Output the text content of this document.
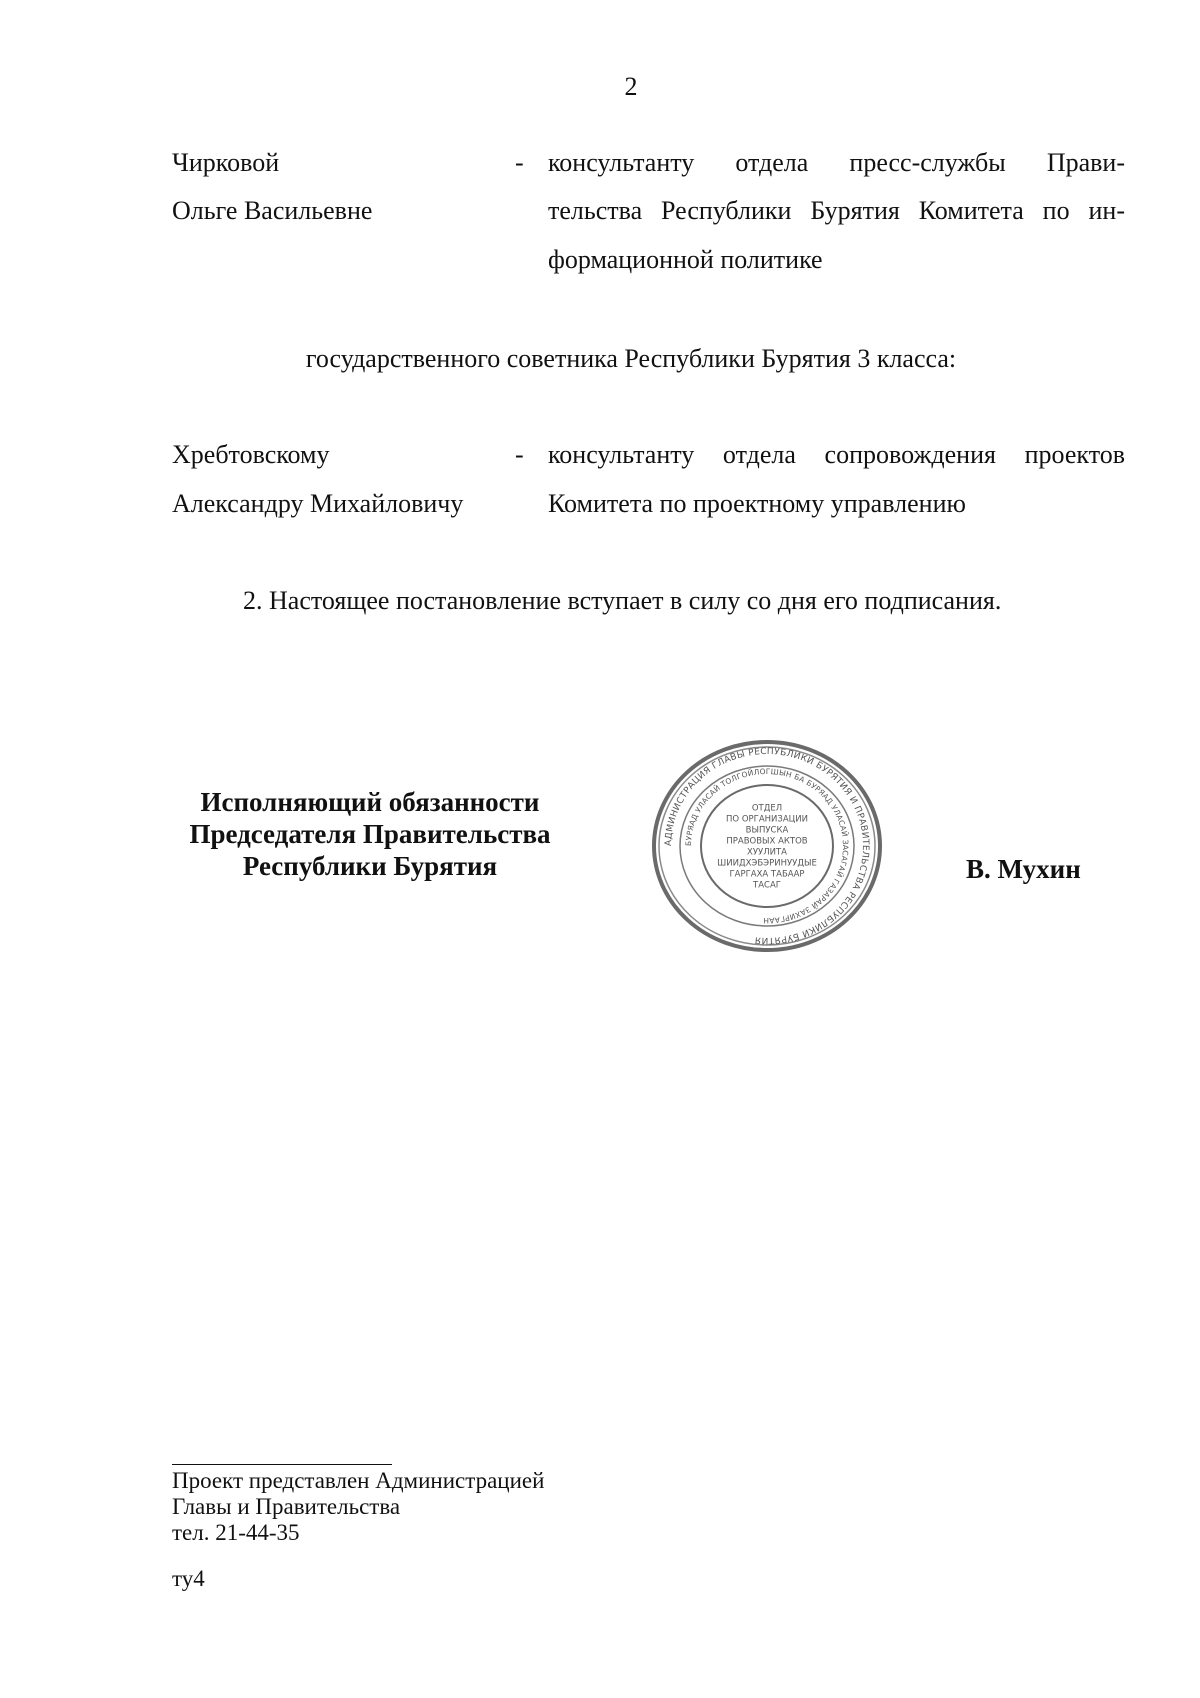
2
Чирковой
Ольге Васильевне
- консультанту отдела пресс-службы Прави-
тельства Республики Бурятия Комитета по ин-
формационной политике
государственного советника Республики Бурятия 3 класса:
Хребтовскому
Александру Михайловичу
- консультанту отдела сопровождения проектов
Комитета по проектному управлению
2. Настоящее постановление вступает в силу со дня его подписания.
Исполняющий обязанности
Председателя Правительства
Республики Бурятия
АДМИНИСТРАЦИЯ ГЛАВЫ РЕСПУБЛИКИ БУРЯТИЯ И ПРАВИТЕЛЬСТВА РЕСПУБЛИКИ БУРЯТИЯ
БУРЯАД УЛАСАЙ ТОЛГОЙЛОГШЫН БА БУРЯАД УЛАСАЙ ЗАСАГАЙ ГАЗАРАЙ ЗАХИРГААН
ОТДЕЛ
ПО ОРГАНИЗАЦИИ
ВЫПУСКА
ПРАВОВЫХ АКТОВ
ХУУЛИТА
ШИИДХЭБЭРИНУУДЫЕ
ГАРГАХА ТАБААР
ТАСАГ
В. Мухин
Проект представлен Администрацией
Главы и Правительства
тел. 21-44-35
ту4
